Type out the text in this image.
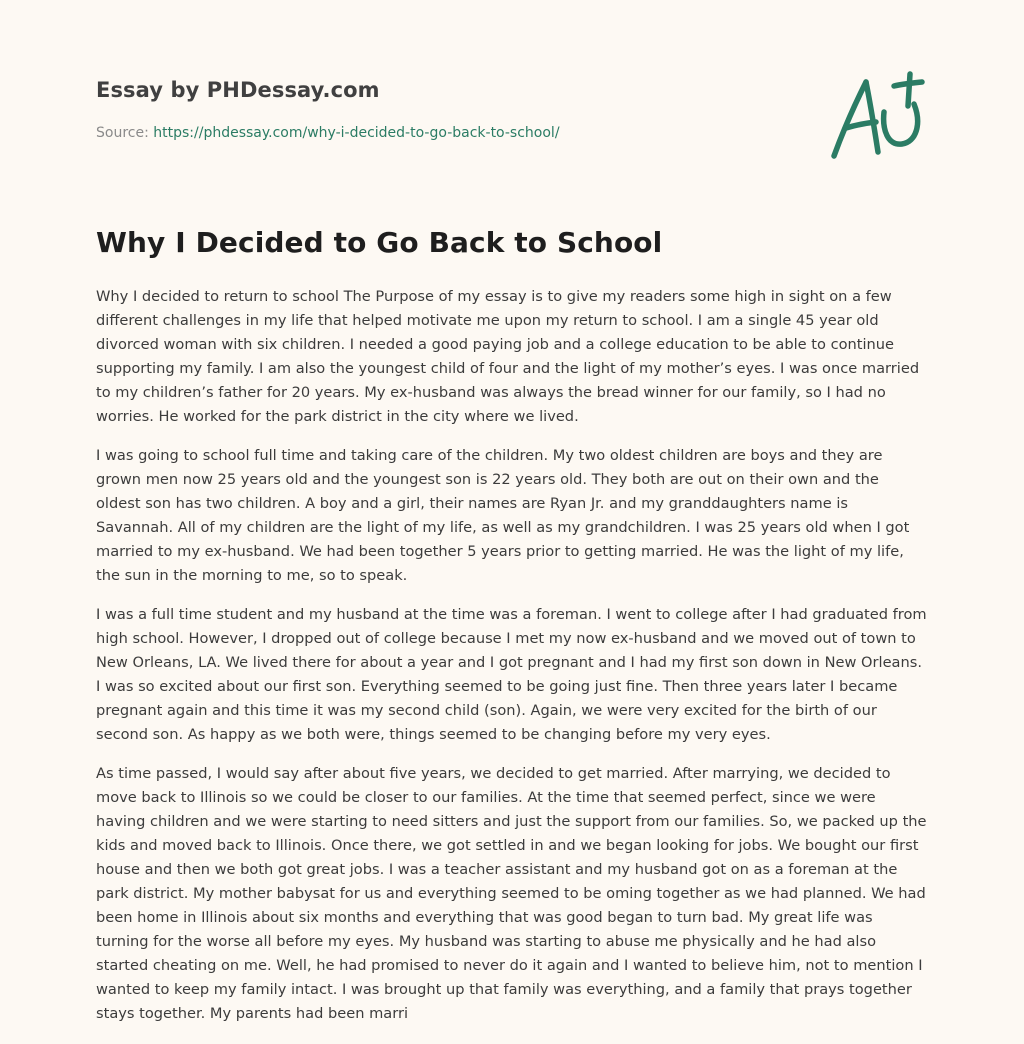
Essay by PHDessay.com
Source: https://phdessay.com/why-i-decided-to-go-back-to-school/
Why I Decided to Go Back to School

Why I decided to return to school The Purpose of my essay is to give my readers some high in sight on a few different challenges in my life that helped motivate me upon my return to school. I am a single 45 year old divorced woman with six children. I needed a good paying job and a college education to be able to continue supporting my family. I am also the youngest child of four and the light of my mother’s eyes. I was once married to my children’s father for 20 years. My ex-husband was always the bread winner for our family, so I had no worries. He worked for the park district in the city where we lived.

I was going to school full time and taking care of the children. My two oldest children are boys and they are grown men now 25 years old and the youngest son is 22 years old. They both are out on their own and the oldest son has two children. A boy and a girl, their names are Ryan Jr. and my granddaughters name is Savannah. All of my children are the light of my life, as well as my grandchildren. I was 25 years old when I got married to my ex-husband. We had been together 5 years prior to getting married. He was the light of my life, the sun in the morning to me, so to speak.

I was a full time student and my husband at the time was a foreman. I went to college after I had graduated from high school. However, I dropped out of college because I met my now ex-husband and we moved out of town to New Orleans, LA. We lived there for about a year and I got pregnant and I had my first son down in New Orleans. I was so excited about our first son. Everything seemed to be going just fine. Then three years later I became pregnant again and this time it was my second child (son). Again, we were very excited for the birth of our second son. As happy as we both were, things seemed to be changing before my very eyes.

As time passed, I would say after about five years, we decided to get married. After marrying, we decided to move back to Illinois so we could be closer to our families. At the time that seemed perfect, since we were having children and we were starting to need sitters and just the support from our families. So, we packed up the kids and moved back to Illinois. Once there, we got settled in and we began looking for jobs. We bought our first house and then we both got great jobs. I was a teacher assistant and my husband got on as a foreman at the park district. My mother babysat for us and everything seemed to be oming together as we had planned. We had been home in Illinois about six months and everything that was good began to turn bad. My great life was turning for the worse all before my eyes. My husband was starting to abuse me physically and he had also started cheating on me. Well, he had promised to never do it again and I wanted to believe him, not to mention I wanted to keep my family intact. I was brought up that family was everything, and a family that prays together stays together. My parents had been marri
